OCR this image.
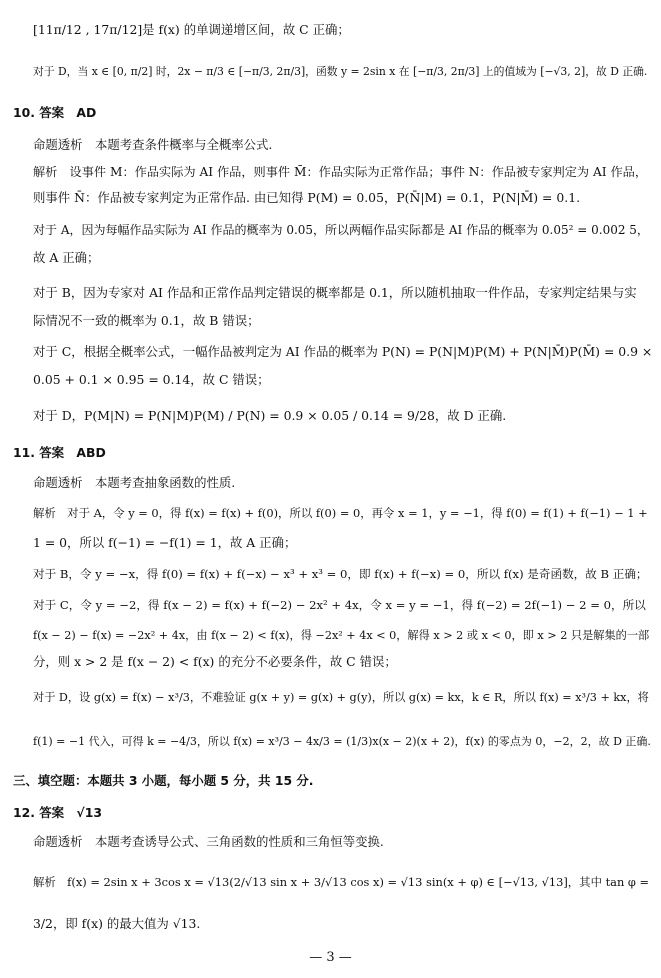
[11π/12 , 17π/12]是 f(x) 的单调递增区间，故 C 正确；
对于 D，当 x ∈ [0, π/2] 时，2x − π/3 ∈ [−π/3, 2π/3]，函数 y = 2sin x 在 [−π/3, 2π/3] 上的值域为 [−√3, 2]，故 D 正确.
10. 答案　AD
命题透析　本题考查条件概率与全概率公式.
解析　设事件 M：作品实际为 AI 作品，则事件 M̄：作品实际为正常作品；事件 N：作品被专家判定为 AI 作品，
则事件 N̄：作品被专家判定为正常作品. 由已知得 P(M) = 0.05，P(N̄|M) = 0.1，P(N|M̄) = 0.1.
对于 A，因为每幅作品实际为 AI 作品的概率为 0.05，所以两幅作品实际都是 AI 作品的概率为 0.05² = 0.002 5，
故 A 正确；
对于 B，因为专家对 AI 作品和正常作品判定错误的概率都是 0.1，所以随机抽取一件作品，专家判定结果与实
际情况不一致的概率为 0.1，故 B 错误；
对于 C，根据全概率公式，一幅作品被判定为 AI 作品的概率为 P(N) = P(N|M)P(M) + P(N|M̄)P(M̄) = 0.9 ×
0.05 + 0.1 × 0.95 = 0.14，故 C 错误；
对于 D，P(M|N) = P(N|M)P(M) / P(N) = 0.9 × 0.05 / 0.14 = 9/28，故 D 正确.
11. 答案　ABD
命题透析　本题考查抽象函数的性质.
解析　对于 A，令 y = 0，得 f(x) = f(x) + f(0)，所以 f(0) = 0，再令 x = 1，y = −1，得 f(0) = f(1) + f(−1) − 1 +
1 = 0，所以 f(−1) = −f(1) = 1，故 A 正确；
对于 B，令 y = −x，得 f(0) = f(x) + f(−x) − x³ + x³ = 0，即 f(x) + f(−x) = 0，所以 f(x) 是奇函数，故 B 正确；
对于 C，令 y = −2，得 f(x − 2) = f(x) + f(−2) − 2x² + 4x，令 x = y = −1，得 f(−2) = 2f(−1) − 2 = 0，所以
f(x − 2) − f(x) = −2x² + 4x，由 f(x − 2) < f(x)，得 −2x² + 4x < 0，解得 x > 2 或 x < 0，即 x > 2 只是解集的一部
分，则 x > 2 是 f(x − 2) < f(x) 的充分不必要条件，故 C 错误；
对于 D，设 g(x) = f(x) − x³/3，不难验证 g(x + y) = g(x) + g(y)，所以 g(x) = kx，k ∈ R，所以 f(x) = x³/3 + kx，将
f(1) = −1 代入，可得 k = −4/3，所以 f(x) = x³/3 − 4x/3 = (1/3)x(x − 2)(x + 2)，f(x) 的零点为 0，−2，2，故 D 正确.
三、填空题：本题共 3 小题，每小题 5 分，共 15 分.
12. 答案　√13
命题透析　本题考查诱导公式、三角函数的性质和三角恒等变换.
解析　f(x) = 2sin x + 3cos x = √13(2/√13 sin x + 3/√13 cos x) = √13 sin(x + φ) ∈ [−√13, √13]，其中 tan φ =
3/2，即 f(x) 的最大值为 √13.
— 3 —
